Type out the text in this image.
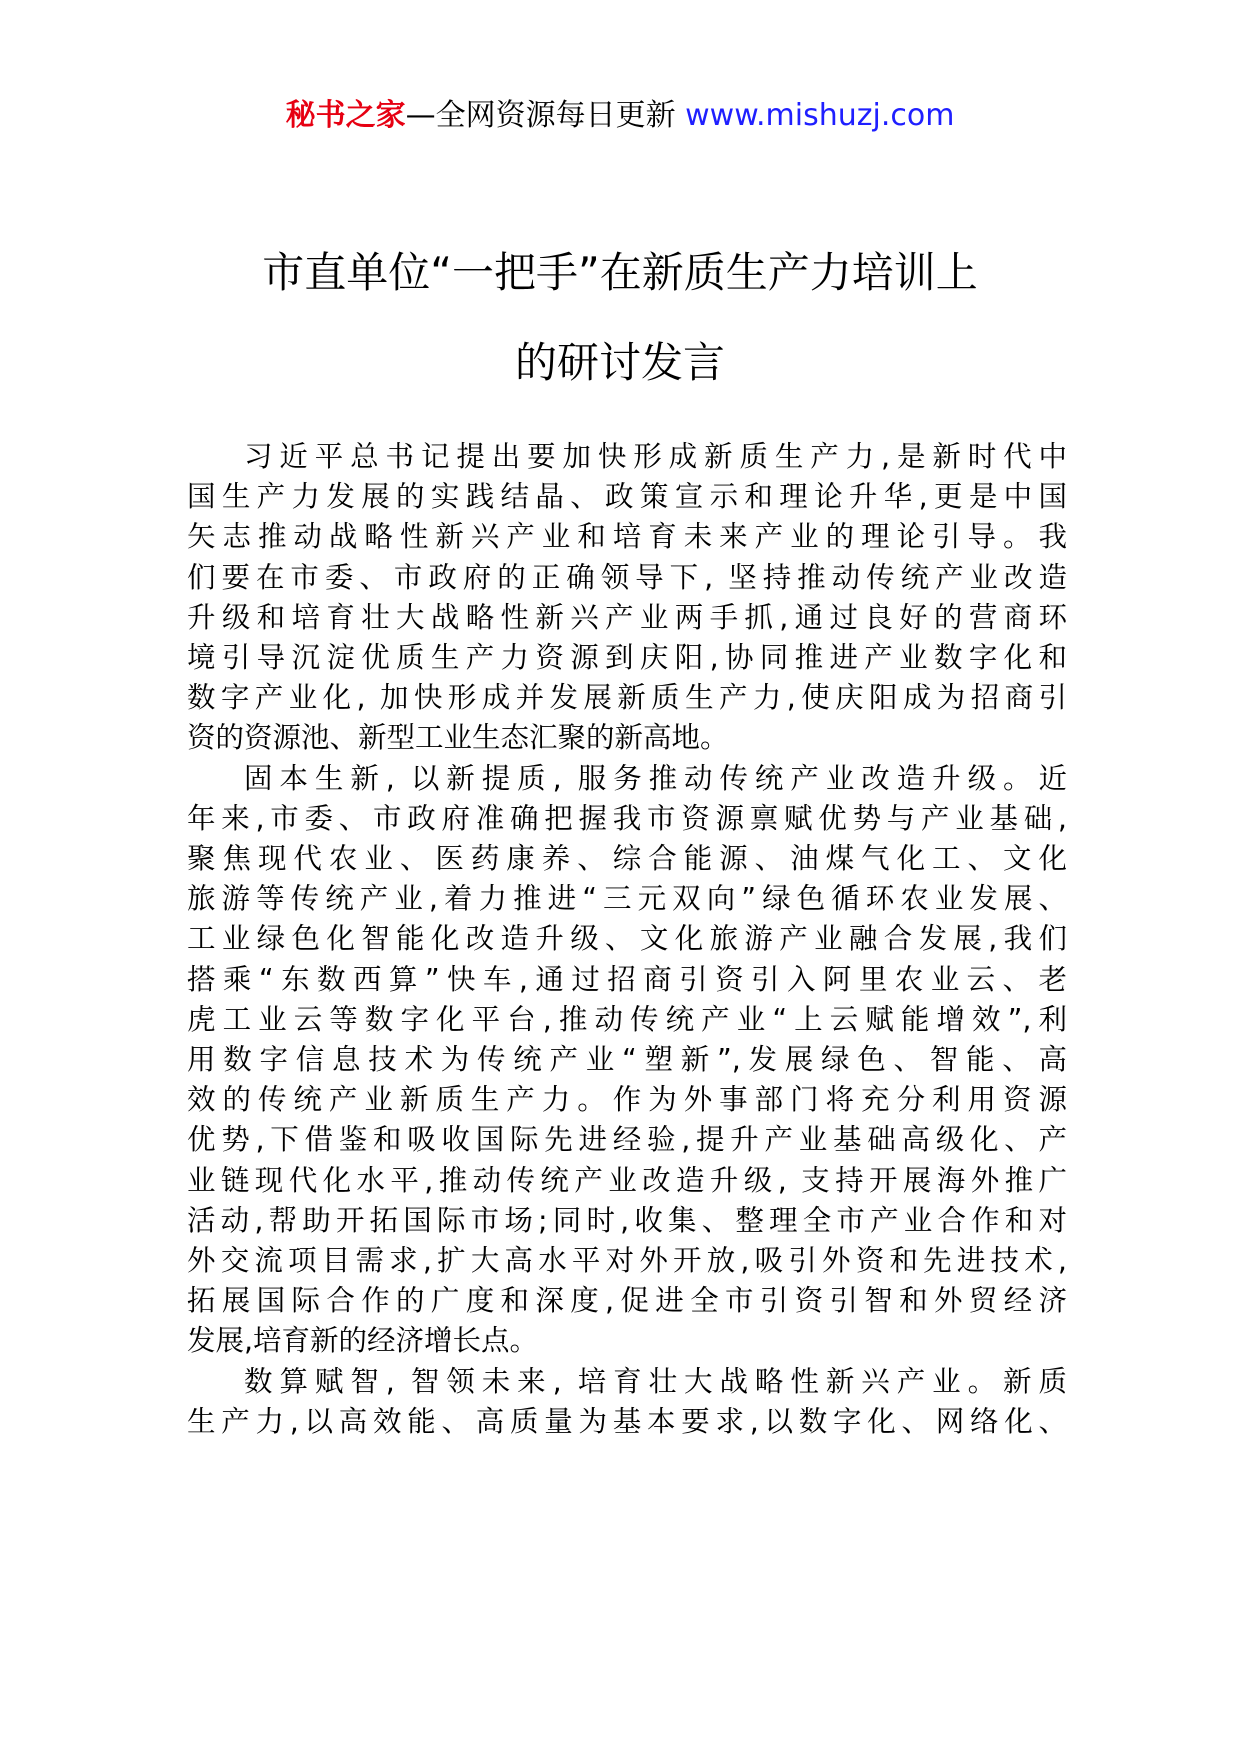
秘书之家—全网资源每日更新 www.mishuzj.com
市直单位“一把手”在新质生产力培训上
的研讨发言

习近平总书记提出要加快形成新质生产力,是新时代中
国生产力发展的实践结晶、政策宣示和理论升华,更是中国
矢志推动战略性新兴产业和培育未来产业的理论引导。我
们要在市委、市政府的正确领导下, 坚持推动传统产业改造
升级和培育壮大战略性新兴产业两手抓,通过良好的营商环
境引导沉淀优质生产力资源到庆阳,协同推进产业数字化和
数字产业化, 加快形成并发展新质生产力,使庆阳成为招商引
资的资源池、新型工业生态汇聚的新高地。

固本生新, 以新提质, 服务推动传统产业改造升级。近
年来,市委、市政府准确把握我市资源禀赋优势与产业基础,
聚焦现代农业、医药康养、综合能源、油煤气化工、文化
旅游等传统产业,着力推进“三元双向”绿色循环农业发展、
工业绿色化智能化改造升级、文化旅游产业融合发展,我们
搭乘“东数西算”快车,通过招商引资引入阿里农业云、老
虎工业云等数字化平台,推动传统产业“上云赋能增效”,利
用数字信息技术为传统产业“塑新”,发展绿色、智能、高
效的传统产业新质生产力。作为外事部门将充分利用资源
优势,下借鉴和吸收国际先进经验,提升产业基础高级化、产
业链现代化水平,推动传统产业改造升级, 支持开展海外推广
活动,帮助开拓国际市场;同时,收集、整理全市产业合作和对
外交流项目需求,扩大高水平对外开放,吸引外资和先进技术,
拓展国际合作的广度和深度,促进全市引资引智和外贸经济
发展,培育新的经济增长点。

数算赋智, 智领未来, 培育壮大战略性新兴产业。新质
生产力,以高效能、高质量为基本要求,以数字化、网络化、
